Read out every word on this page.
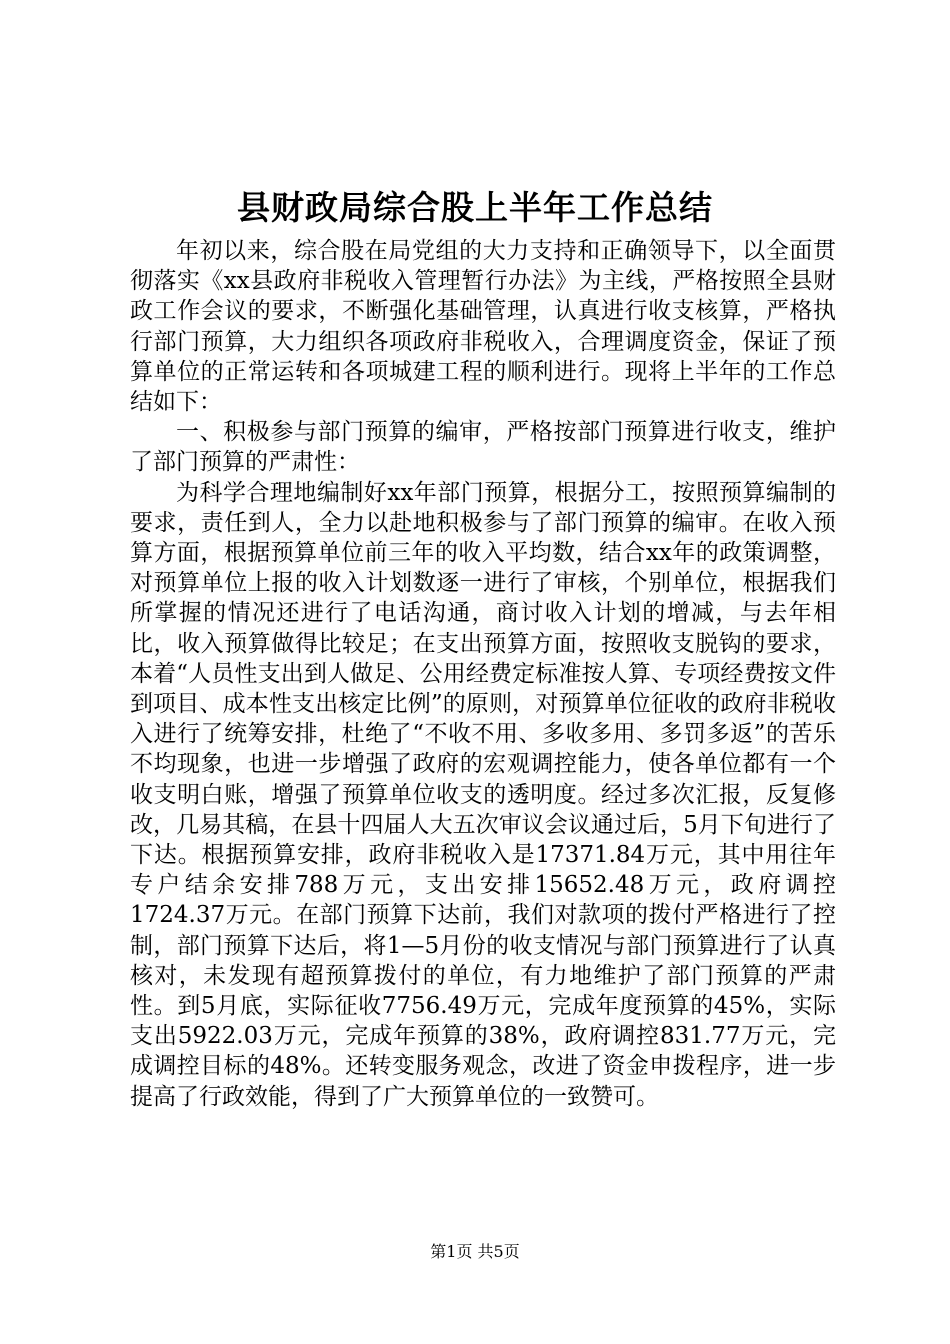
县财政局综合股上半年工作总结

年初以来，综合股在局党组的大力支持和正确领导下，以全面贯彻落实《xx县政府非税收入管理暂行办法》为主线，严格按照全县财政工作会议的要求，不断强化基础管理，认真进行收支核算，严格执行部门预算，大力组织各项政府非税收入，合理调度资金，保证了预算单位的正常运转和各项城建工程的顺利进行。现将上半年的工作总结如下：

一、积极参与部门预算的编审，严格按部门预算进行收支，维护了部门预算的严肃性：

为科学合理地编制好xx年部门预算，根据分工，按照预算编制的要求，责任到人，全力以赴地积极参与了部门预算的编审。在收入预算方面，根据预算单位前三年的收入平均数，结合xx年的政策调整，对预算单位上报的收入计划数逐一进行了审核，个别单位，根据我们所掌握的情况还进行了电话沟通，商讨收入计划的增减，与去年相比，收入预算做得比较足；在支出预算方面，按照收支脱钩的要求，本着“人员性支出到人做足、公用经费定标准按人算、专项经费按文件到项目、成本性支出核定比例”的原则，对预算单位征收的政府非税收入进行了统筹安排，杜绝了“不收不用、多收多用、多罚多返”的苦乐不均现象，也进一步增强了政府的宏观调控能力，使各单位都有一个收支明白账，增强了预算单位收支的透明度。经过多次汇报，反复修改，几易其稿，在县十四届人大五次审议会议通过后，5月下旬进行了下达。根据预算安排，政府非税收入是17371.84万元，其中用往年专户结余安排788万元，支出安排15652.48万元，政府调控1724.37万元。在部门预算下达前，我们对款项的拨付严格进行了控制，部门预算下达后，将1—5月份的收支情况与部门预算进行了认真核对，未发现有超预算拨付的单位，有力地维护了部门预算的严肃性。到5月底，实际征收7756.49万元，完成年度预算的45%，实际支出5922.03万元，完成年预算的38%，政府调控831.77万元，完成调控目标的48%。还转变服务观念，改进了资金申拨程序，进一步提高了行政效能，得到了广大预算单位的一致赞可。

第1页 共5页
